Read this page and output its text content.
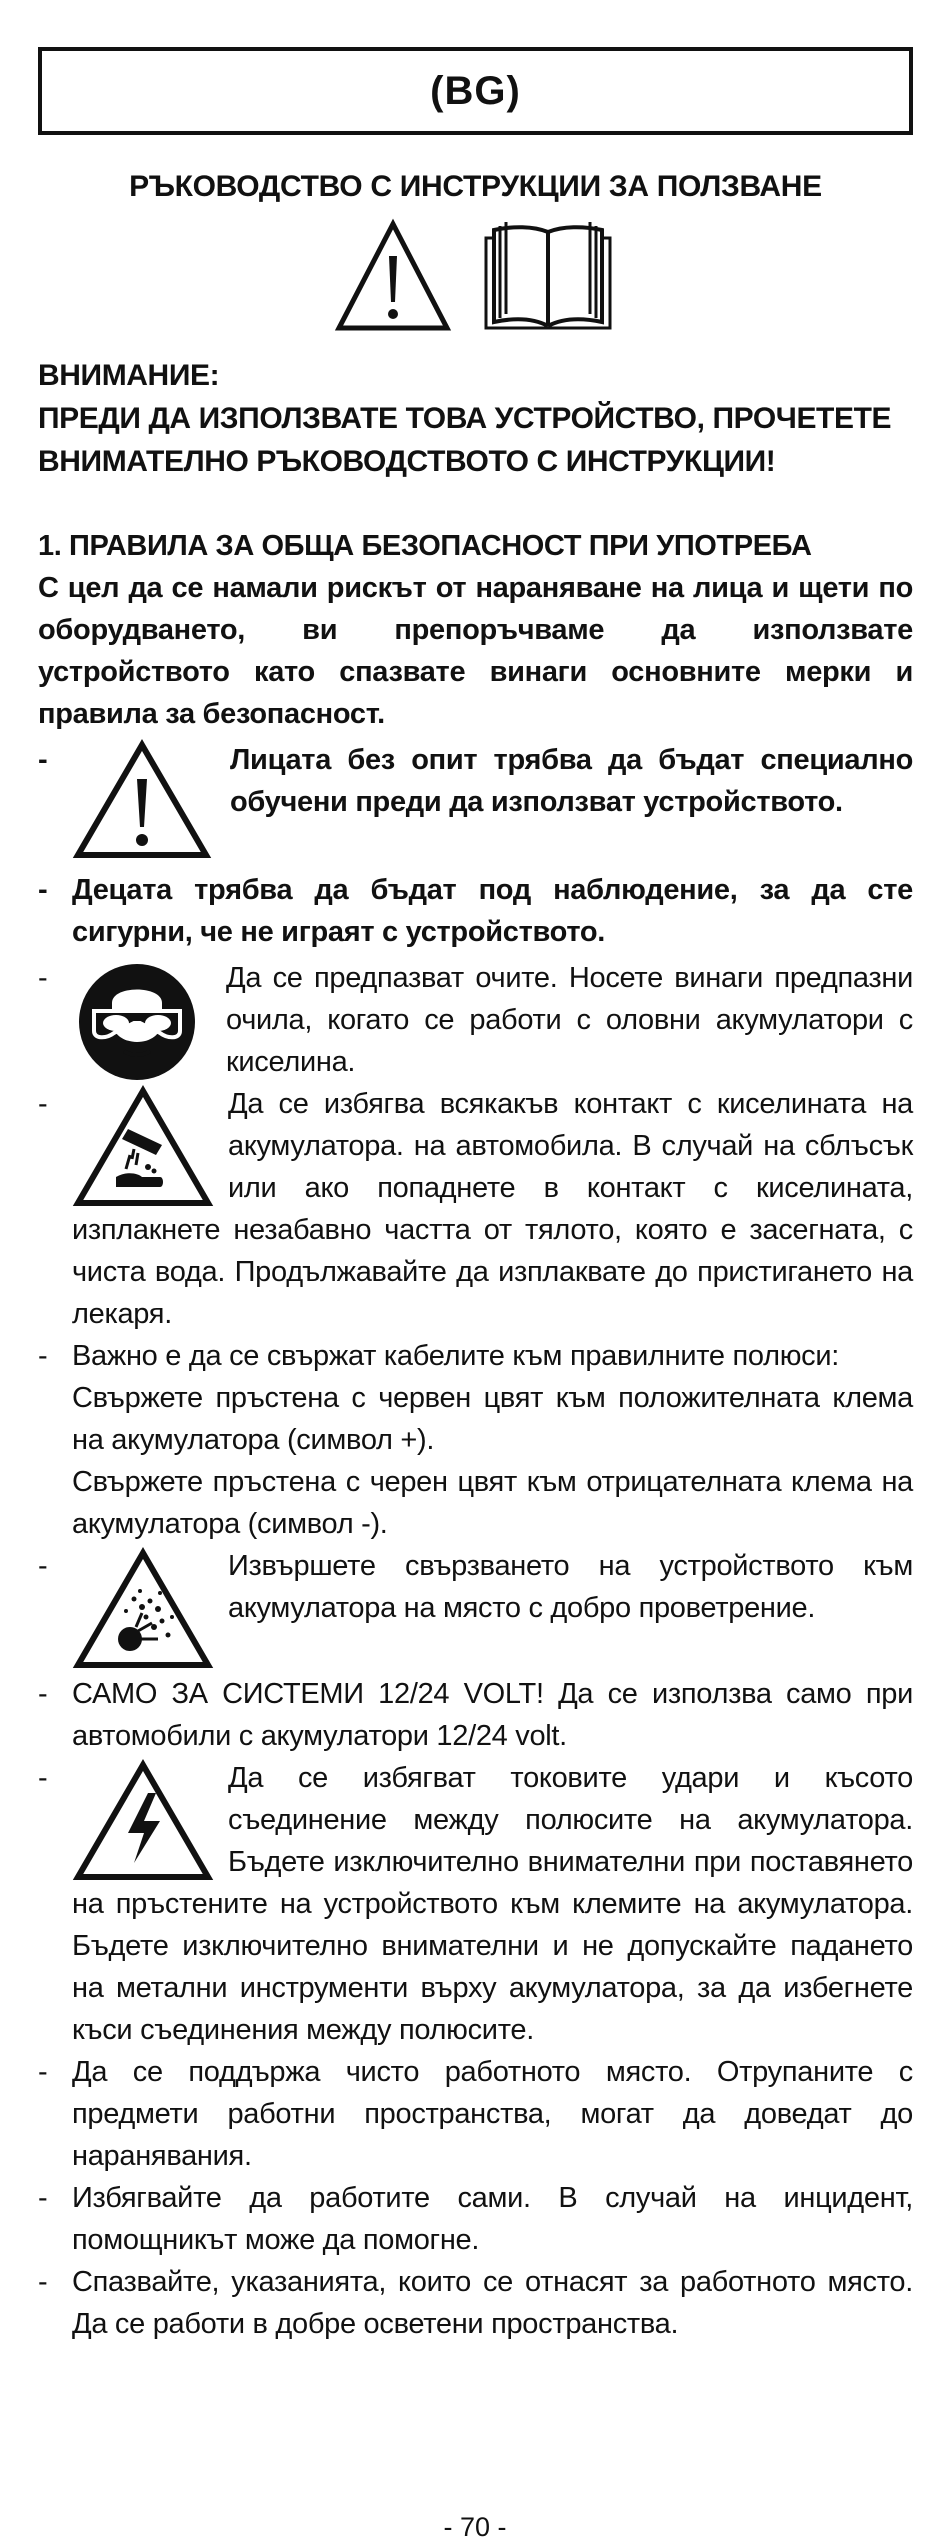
(BG)
РЪКОВОДСТВО С ИНСТРУКЦИИ ЗА ПОЛЗВАНЕ
ВНИМАНИЕ:
ПРЕДИ ДА ИЗПОЛЗВАТЕ ТОВА УСТРОЙСТВО, ПРОЧЕТЕТЕ ВНИМАТЕЛНО РЪКОВОДСТВОТО С ИНСТРУКЦИИ!
1. ПРАВИЛА ЗА ОБЩА БЕЗОПАСНОСТ ПРИ УПОТРЕБА
С цел да се намали рискът от нараняване на лица и щети по оборудването, ви препоръчваме да използвате устройството като спазвате винаги основните мерки и правила за безопасност.
-	Лицата без опит трябва да бъдат специално обучени преди да използват устройството.
- Децата трябва да бъдат под наблюдение, за да сте сигурни, че не играят с устройството.
-	Да се предпазват очите. Носете винаги предпазни очила, когато се работи с оловни акумулатори с киселина.
-	Да се избягва всякакъв контакт с киселината на акумулатора. на автомобила. В случай на сблъсък или ако попаднете в контакт с киселината, изплакнете незабавно частта от тялото, която е засегната, с чиста вода. Продължавайте да изплаквате до пристигането на лекаря.
- Важно е да се свържат кабелите към правилните полюси:
Свържете пръстена с червен цвят към положителната клема на акумулатора (символ +).
Свържете пръстена с черен цвят към отрицателната клема на акумулатора (символ -).
-	Извършете свързването на устройството към акумулатора на място с добро проветрение.
- САМО ЗА СИСТЕМИ 12/24 VOLT! Да се използва само при автомобили с акумулатори 12/24 volt.
-	Да се избягват токовите удари и късото съединение между полюсите на акумулатора. Бъдете изключително внимателни при поставянето на пръстените на устройството към клемите на акумулатора. Бъдете изключително внимателни и не допускайте падането на метални инструменти върху акумулатора, за да избегнете къси съединения между полюсите.
- Да се поддържа чисто работното място. Отрупаните с предмети работни пространства, могат да доведат до наранявания.
- Избягвайте да работите сами. В случай на инцидент, помощникът може да помогне.
- Спазвайте, указанията, които се отнасят за работното място. Да се работи в добре осветени пространства.
- 70 -
